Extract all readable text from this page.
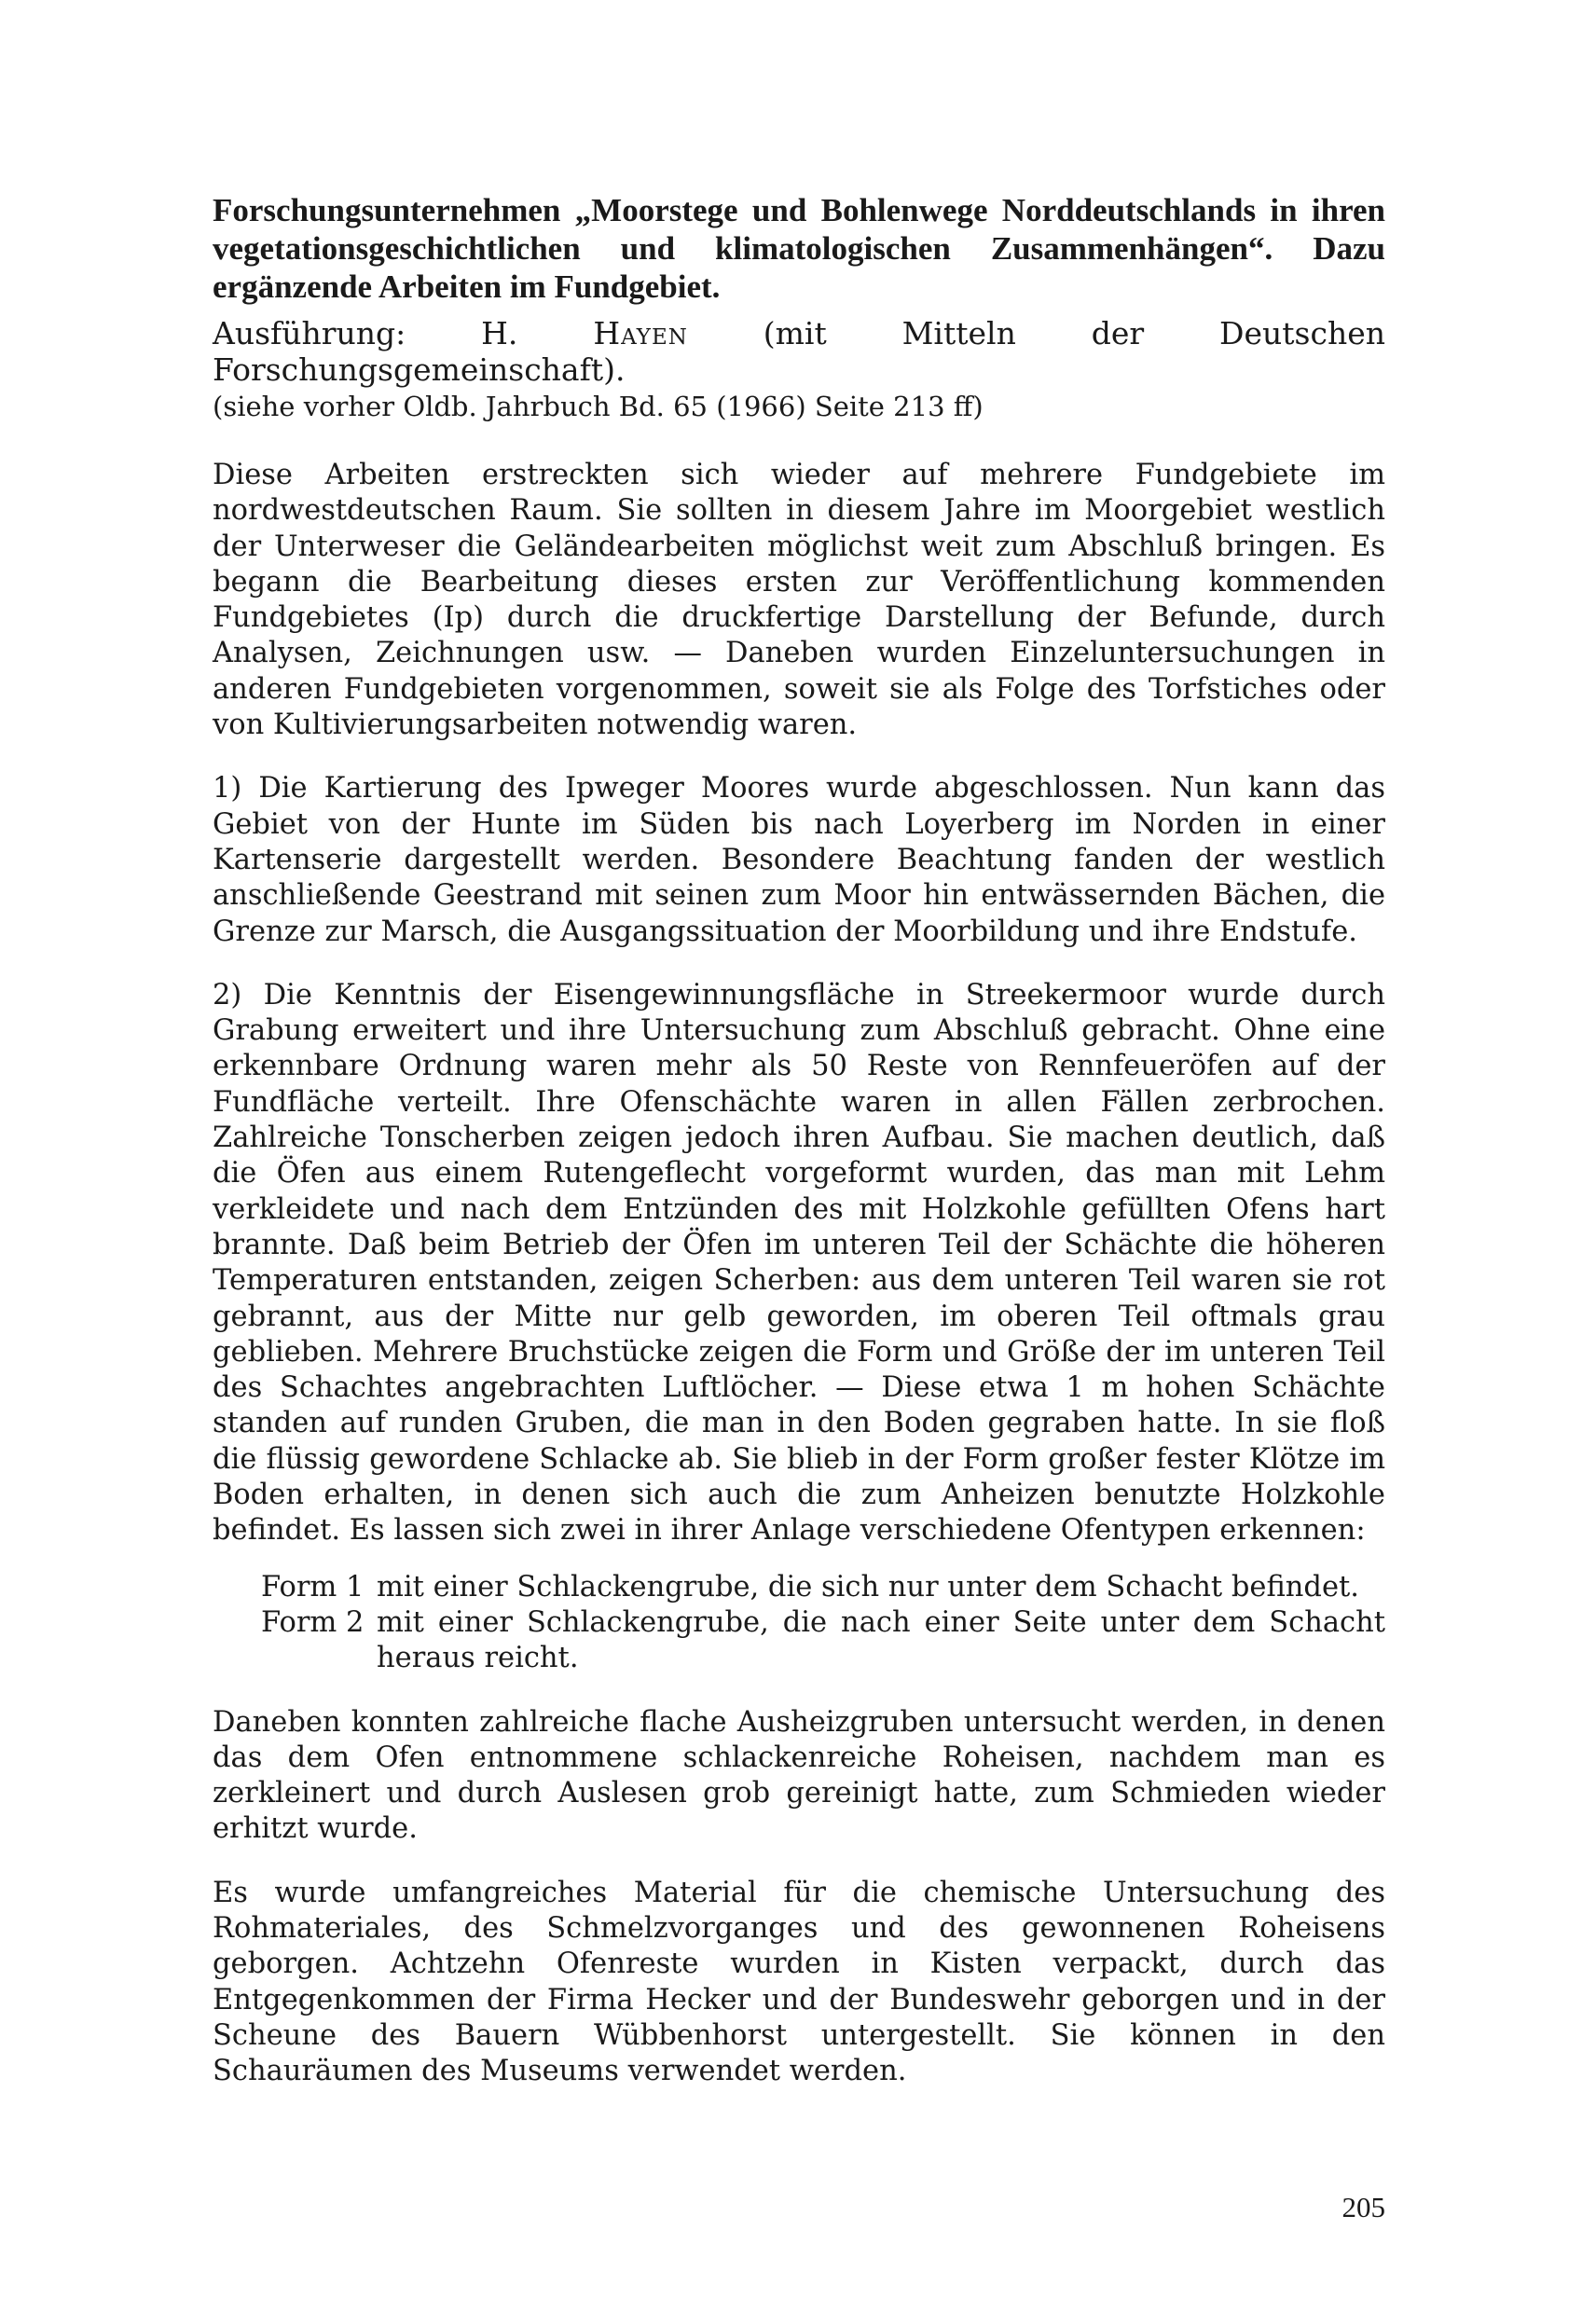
Forschungsunternehmen „Moorstege und Bohlenwege Norddeutschlands in ihren vegetationsgeschichtlichen und klimatologischen Zusammenhängen“. Dazu ergänzende Arbeiten im Fundgebiet.

Ausführung: H. Hayen (mit Mitteln der Deutschen Forschungsgemeinschaft).

(siehe vorher Oldb. Jahrbuch Bd. 65 (1966) Seite 213 ff)

Diese Arbeiten erstreckten sich wieder auf mehrere Fundgebiete im nordwestdeutschen Raum. Sie sollten in diesem Jahre im Moorgebiet westlich der Unterweser die Geländearbeiten möglichst weit zum Abschluß bringen. Es begann die Bearbeitung dieses ersten zur Veröffentlichung kommenden Fundgebietes (Ip) durch die druckfertige Darstellung der Befunde, durch Analysen, Zeichnungen usw. — Daneben wurden Einzeluntersuchungen in anderen Fundgebieten vorgenommen, soweit sie als Folge des Torfstiches oder von Kultivierungsarbeiten notwendig waren.

1) Die Kartierung des Ipweger Moores wurde abgeschlossen. Nun kann das Gebiet von der Hunte im Süden bis nach Loyerberg im Norden in einer Kartenserie dargestellt werden. Besondere Beachtung fanden der westlich anschließende Geestrand mit seinen zum Moor hin entwässernden Bächen, die Grenze zur Marsch, die Ausgangssituation der Moorbildung und ihre Endstufe.

2) Die Kenntnis der Eisengewinnungsfläche in Streekermoor wurde durch Grabung erweitert und ihre Untersuchung zum Abschluß gebracht. Ohne eine erkennbare Ordnung waren mehr als 50 Reste von Rennfeueröfen auf der Fundfläche verteilt. Ihre Ofenschächte waren in allen Fällen zerbrochen. Zahlreiche Tonscherben zeigen jedoch ihren Aufbau. Sie machen deutlich, daß die Öfen aus einem Rutengeflecht vorgeformt wurden, das man mit Lehm verkleidete und nach dem Entzünden des mit Holzkohle gefüllten Ofens hart brannte. Daß beim Betrieb der Öfen im unteren Teil der Schächte die höheren Temperaturen entstanden, zeigen Scherben: aus dem unteren Teil waren sie rot gebrannt, aus der Mitte nur gelb geworden, im oberen Teil oftmals grau geblieben. Mehrere Bruchstücke zeigen die Form und Größe der im unteren Teil des Schachtes angebrachten Luftlöcher. — Diese etwa 1 m hohen Schächte standen auf runden Gruben, die man in den Boden gegraben hatte. In sie floß die flüssig gewordene Schlacke ab. Sie blieb in der Form großer fester Klötze im Boden erhalten, in denen sich auch die zum Anheizen benutzte Holzkohle befindet. Es lassen sich zwei in ihrer Anlage verschiedene Ofentypen erkennen:

Form 1 mit einer Schlackengrube, die sich nur unter dem Schacht befindet.
Form 2 mit einer Schlackengrube, die nach einer Seite unter dem Schacht heraus reicht.

Daneben konnten zahlreiche flache Ausheizgruben untersucht werden, in denen das dem Ofen entnommene schlackenreiche Roheisen, nachdem man es zerkleinert und durch Auslesen grob gereinigt hatte, zum Schmieden wieder erhitzt wurde.

Es wurde umfangreiches Material für die chemische Untersuchung des Rohmateriales, des Schmelzvorganges und des gewonnenen Roheisens geborgen. Achtzehn Ofenreste wurden in Kisten verpackt, durch das Entgegenkommen der Firma Hecker und der Bundeswehr geborgen und in der Scheune des Bauern Wübbenhorst untergestellt. Sie können in den Schauräumen des Museums verwendet werden.

205
